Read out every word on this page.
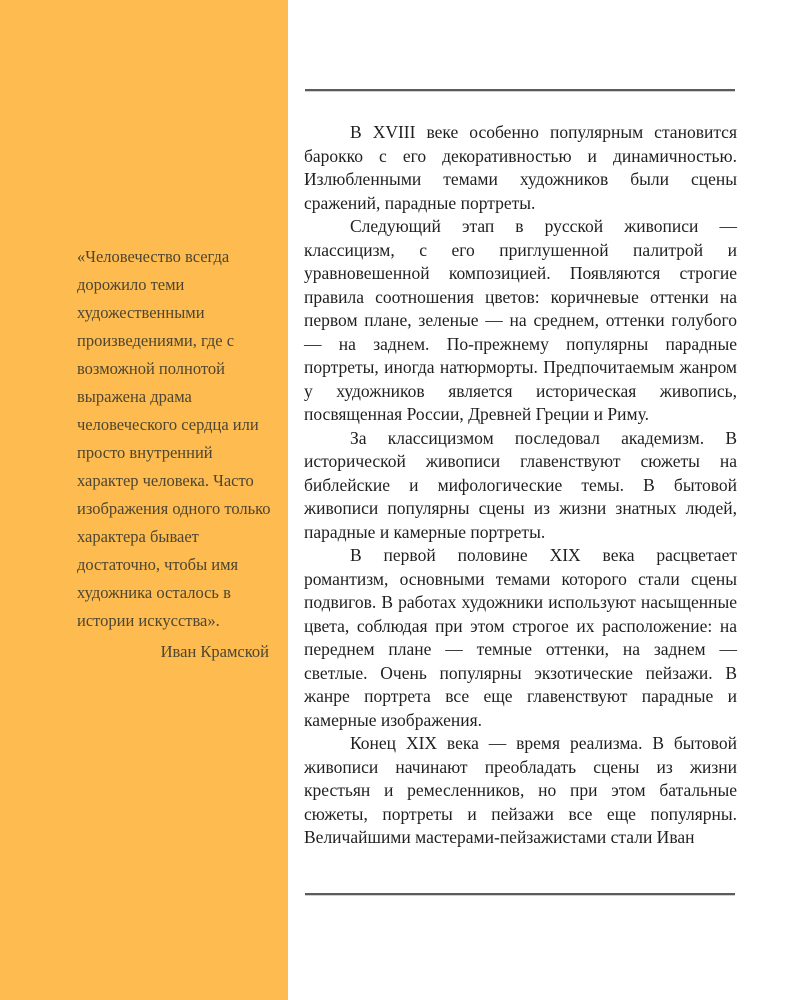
«Человечество всегда дорожило теми художественными произведениями, где с возможной полнотой выражена драма человеческого сердца или просто внутренний характер человека. Часто изображения одного только характера бывает достаточно, чтобы имя художника осталось в истории искусства».

Иван Крамской

В XVIII веке особенно популярным становится барокко с его декоративностью и динамичностью. Излюбленными темами художников были сцены сражений, парадные портреты.

Следующий этап в русской живописи — классицизм, с его приглушенной палитрой и уравновешенной композицией. Появляются строгие правила соотношения цветов: коричневые оттенки на первом плане, зеленые — на среднем, оттенки голубого — на заднем. По-прежнему популярны парадные портреты, иногда натюрморты. Предпочитаемым жанром у художников является историческая живопись, посвященная России, Древней Греции и Риму.

За классицизмом последовал академизм. В исторической живописи главенствуют сюжеты на библейские и мифологические темы. В бытовой живописи популярны сцены из жизни знатных людей, парадные и камерные портреты.

В первой половине XIX века расцветает романтизм, основными темами которого стали сцены подвигов. В работах художники используют насыщенные цвета, соблюдая при этом строгое их расположение: на переднем плане — темные оттенки, на заднем — светлые. Очень популярны экзотические пейзажи. В жанре портрета все еще главенствуют парадные и камерные изображения.

Конец XIX века — время реализма. В бытовой живописи начинают преобладать сцены из жизни крестьян и ремесленников, но при этом батальные сюжеты, портреты и пейзажи все еще популярны. Величайшими мастерами-пейзажистами стали Иван
